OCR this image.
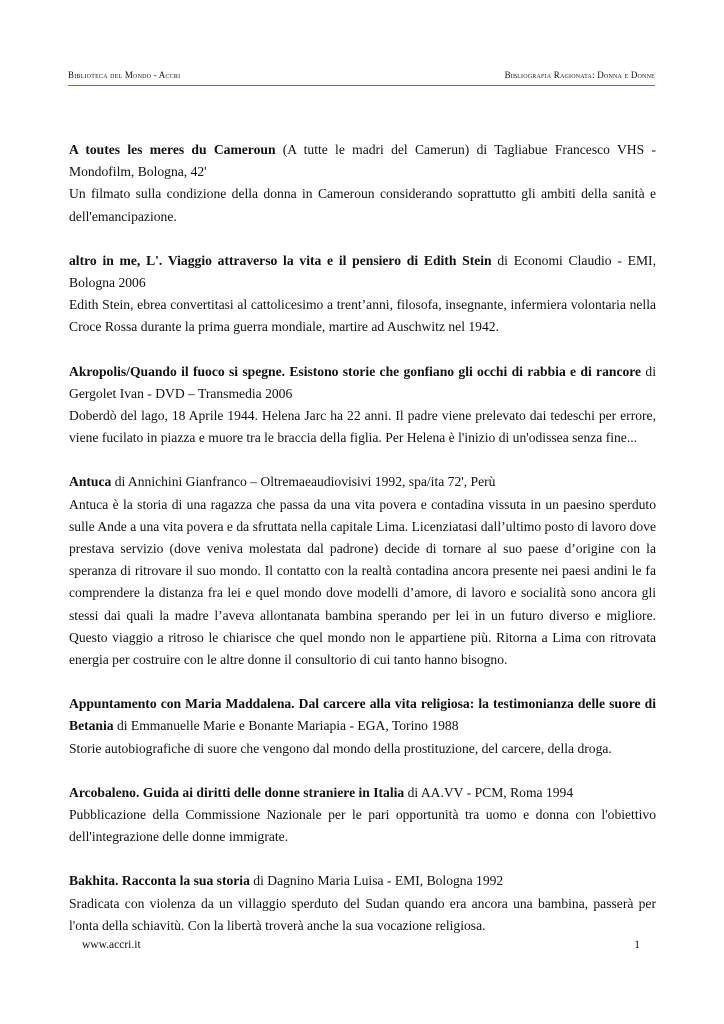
Biblioteca del Mondo - Accri	Bibliografia Ragionata: Donna e Donne

A toutes les meres du Cameroun (A tutte le madri del Camerun) di Tagliabue Francesco VHS - Mondofilm, Bologna, 42'

Un filmato sulla condizione della donna in Cameroun considerando soprattutto gli ambiti della sanità e dell'emancipazione.

altro in me, L'. Viaggio attraverso la vita e il pensiero di Edith Stein di Economi Claudio - EMI, Bologna 2006

Edith Stein, ebrea convertitasi al cattolicesimo a trent’anni, filosofa, insegnante, infermiera volontaria nella Croce Rossa durante la prima guerra mondiale, martire ad Auschwitz nel 1942.

Akropolis/Quando il fuoco si spegne. Esistono storie che gonfiano gli occhi di rabbia e di rancore di Gergolet Ivan - DVD – Transmedia 2006

Doberdò del lago, 18 Aprile 1944. Helena Jarc ha 22 anni. Il padre viene prelevato dai tedeschi per errore, viene fucilato in piazza e muore tra le braccia della figlia. Per Helena è l'inizio di un'odissea senza fine...

Antuca di Annichini Gianfranco – Oltremaeaudiovisivi 1992, spa/ita 72', Perù

Antuca è la storia di una ragazza che passa da una vita povera e contadina vissuta in un paesino sperduto sulle Ande a una vita povera e da sfruttata nella capitale Lima. Licenziatasi dall’ultimo posto di lavoro dove prestava servizio (dove veniva molestata dal padrone) decide di tornare al suo paese d’origine con la speranza di ritrovare il suo mondo. Il contatto con la realtà contadina ancora presente nei paesi andini le fa comprendere la distanza fra lei e quel mondo dove modelli d’amore, di lavoro e socialità sono ancora gli stessi dai quali la madre l’aveva allontanata bambina sperando per lei in un futuro diverso e migliore. Questo viaggio a ritroso le chiarisce che quel mondo non le appartiene più. Ritorna a Lima con ritrovata energia per costruire con le altre donne il consultorio di cui tanto hanno bisogno.

Appuntamento con Maria Maddalena. Dal carcere alla vita religiosa: la testimonianza delle suore di Betania di Emmanuelle Marie e Bonante Mariapia - EGA, Torino 1988

Storie autobiografiche di suore che vengono dal mondo della prostituzione, del carcere, della droga.

Arcobaleno. Guida ai diritti delle donne straniere in Italia di AA.VV - PCM, Roma 1994

Pubblicazione della Commissione Nazionale per le pari opportunità tra uomo e donna con l'obiettivo dell'integrazione delle donne immigrate.

Bakhita. Racconta la sua storia di Dagnino Maria Luisa - EMI, Bologna 1992

Sradicata con violenza da un villaggio sperduto del Sudan quando era ancora una bambina, passerà per l'onta della schiavitù. Con la libertà troverà anche la sua vocazione religiosa.

www.accri.it	1
